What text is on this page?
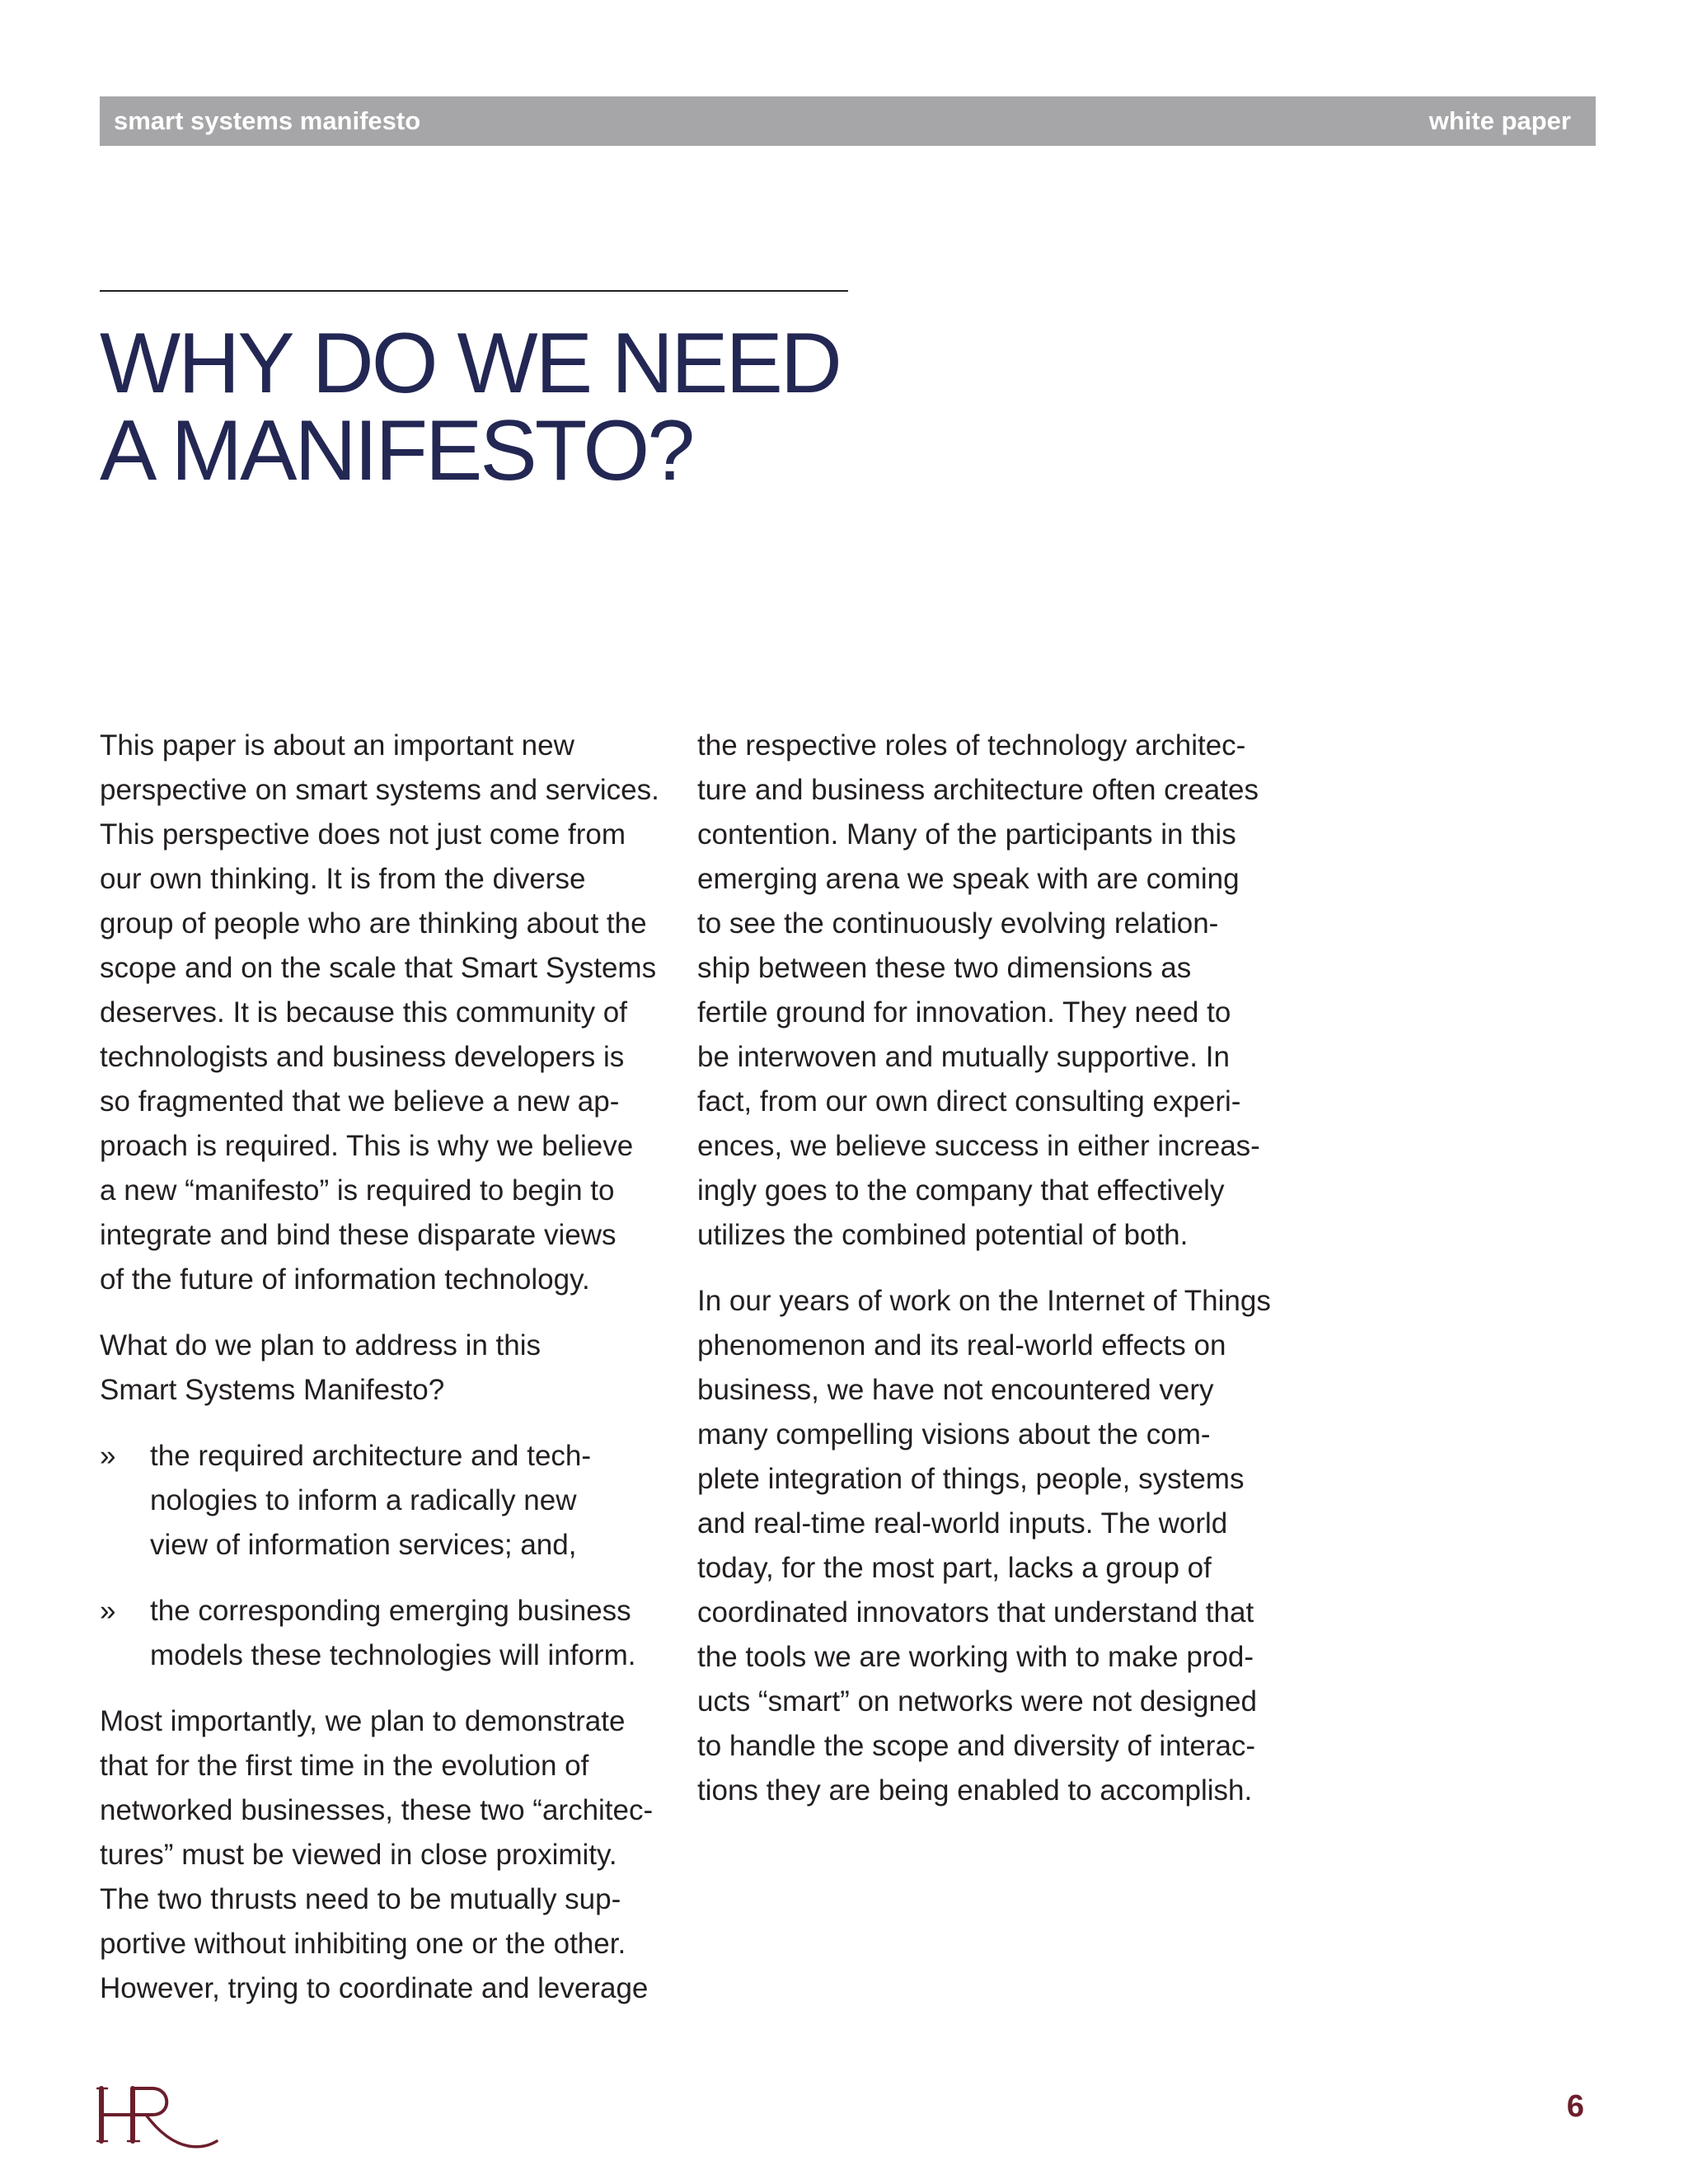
smart systems manifesto	white paper
WHY DO WE NEED
A MANIFESTO?

This paper is about an important new
perspective on smart systems and services.
This perspective does not just come from
our own thinking. It is from the diverse
group of people who are thinking about the
scope and on the scale that Smart Systems
deserves. It is because this community of
technologists and business developers is
so fragmented that we believe a new ap-
proach is required. This is why we believe
a new “manifesto” is required to begin to
integrate and bind these disparate views
of the future of information technology.

What do we plan to address in this
Smart Systems Manifesto?

» the required architecture and tech-
nologies to inform a radically new
view of information services; and,
» the corresponding emerging business
models these technologies will inform.

Most importantly, we plan to demonstrate
that for the first time in the evolution of
networked businesses, these two “architec-
tures” must be viewed in close proximity.
The two thrusts need to be mutually sup-
portive without inhibiting one or the other.
However, trying to coordinate and leverage

the respective roles of technology architec-
ture and business architecture often creates
contention. Many of the participants in this
emerging arena we speak with are coming
to see the continuously evolving relation-
ship between these two dimensions as
fertile ground for innovation. They need to
be interwoven and mutually supportive. In
fact, from our own direct consulting experi-
ences, we believe success in either increas-
ingly goes to the company that effectively
utilizes the combined potential of both.

In our years of work on the Internet of Things
phenomenon and its real-world effects on
business, we have not encountered very
many compelling visions about the com-
plete integration of things, people, systems
and real-time real-world inputs. The world
today, for the most part, lacks a group of
coordinated innovators that understand that
the tools we are working with to make prod-
ucts “smart” on networks were not designed
to handle the scope and diversity of interac-
tions they are being enabled to accomplish.

6
